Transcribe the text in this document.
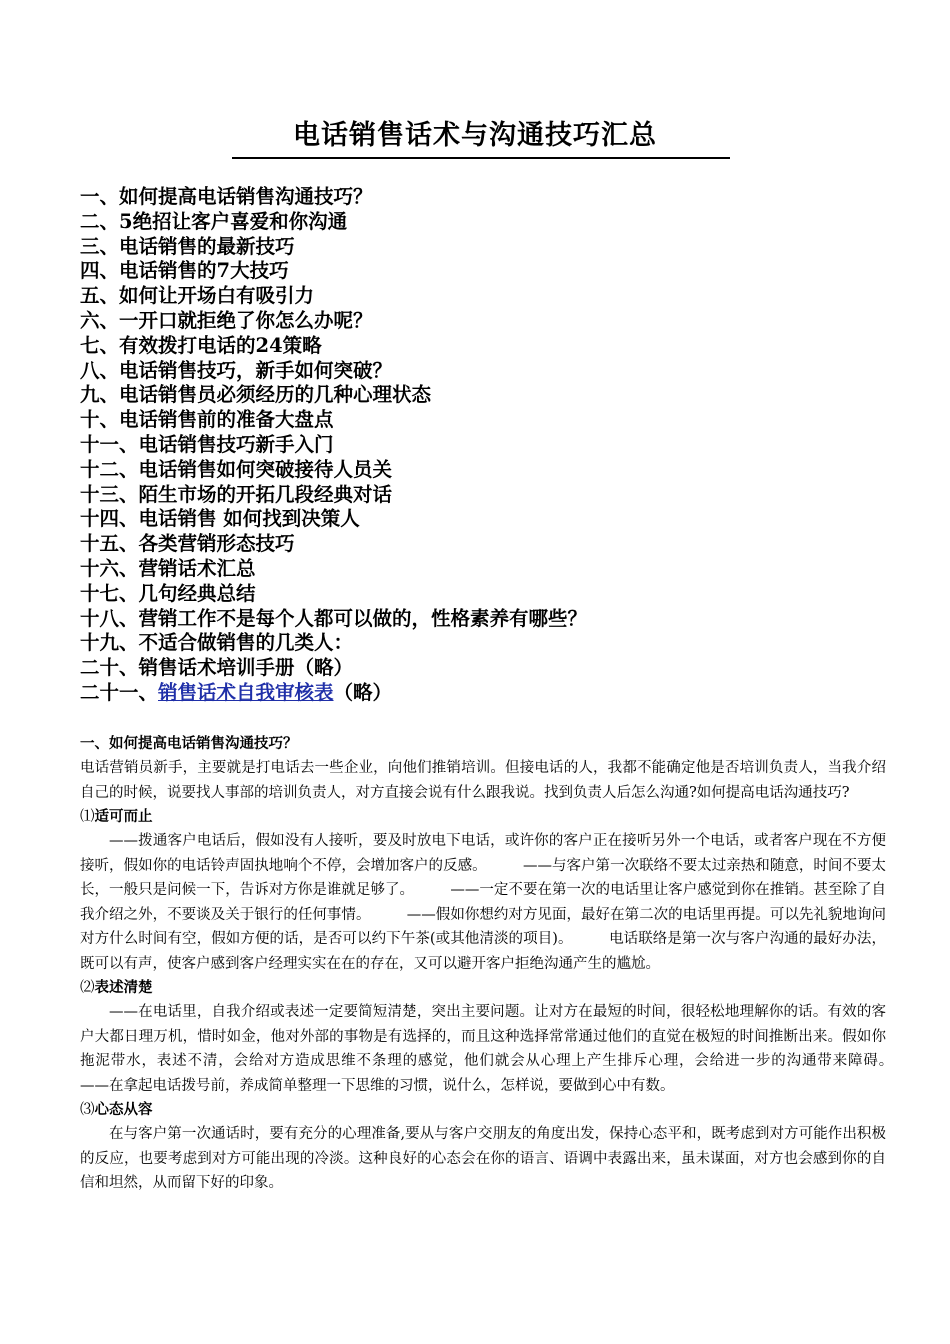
电话销售话术与沟通技巧汇总
一、如何提高电话销售沟通技巧？
二、5绝招让客户喜爱和你沟通
三、电话销售的最新技巧
四、电话销售的7大技巧
五、如何让开场白有吸引力
六、一开口就拒绝了你怎么办呢？
七、有效拨打电话的24策略
八、电话销售技巧，新手如何突破？
九、电话销售员必须经历的几种心理状态
十、电话销售前的准备大盘点
十一、电话销售技巧新手入门
十二、电话销售如何突破接待人员关
十三、陌生市场的开拓几段经典对话
十四、电话销售 如何找到决策人
十五、各类营销形态技巧
十六、营销话术汇总
十七、几句经典总结
十八、营销工作不是每个人都可以做的，性格素养有哪些？
十九、不适合做销售的几类人：
二十、销售话术培训手册（略）
二十一、销售话术自我审核表（略）
一、如何提高电话销售沟通技巧？

电话营销员新手，主要就是打电话去一些企业，向他们推销培训。但接电话的人，我都不能确定他是否培训负责人，当我介绍自己的时候，说要找人事部的培训负责人，对方直接会说有什么跟我说。找到负责人后怎么沟通?如何提高电话沟通技巧?

⑴适可而止

——拨通客户电话后，假如没有人接听，要及时放电下电话，或许你的客户正在接听另外一个电话，或者客户现在不方便接听，假如你的电话铃声固执地响个不停，会增加客户的反感。　　　——与客户第一次联络不要太过亲热和随意，时间不要太长，一般只是问候一下，告诉对方你是谁就足够了。　　　——一定不要在第一次的电话里让客户感觉到你在推销。甚至除了自我介绍之外，不要谈及关于银行的任何事情。　　　——假如你想约对方见面，最好在第二次的电话里再提。可以先礼貌地询问对方什么时间有空，假如方便的话，是否可以约下午茶(或其他清淡的项目)。　　　电话联络是第一次与客户沟通的最好办法，既可以有声，使客户感到客户经理实实在在的存在，又可以避开客户拒绝沟通产生的尴尬。

⑵表述清楚

——在电话里，自我介绍或表述一定要简短清楚，突出主要问题。让对方在最短的时间，很轻松地理解你的话。有效的客户大都日理万机，惜时如金，他对外部的事物是有选择的，而且这种选择常常通过他们的直觉在极短的时间推断出来。假如你拖泥带水，表述不清，会给对方造成思维不条理的感觉，他们就会从心理上产生排斥心理，会给进一步的沟通带来障碍。　　　——在拿起电话拨号前，养成简单整理一下思维的习惯，说什么，怎样说，要做到心中有数。

⑶心态从容

在与客户第一次通话时，要有充分的心理准备,要从与客户交朋友的角度出发，保持心态平和，既考虑到对方可能作出积极的反应，也要考虑到对方可能出现的冷淡。这种良好的心态会在你的语言、语调中表露出来，虽未谋面，对方也会感到你的自信和坦然，从而留下好的印象。
